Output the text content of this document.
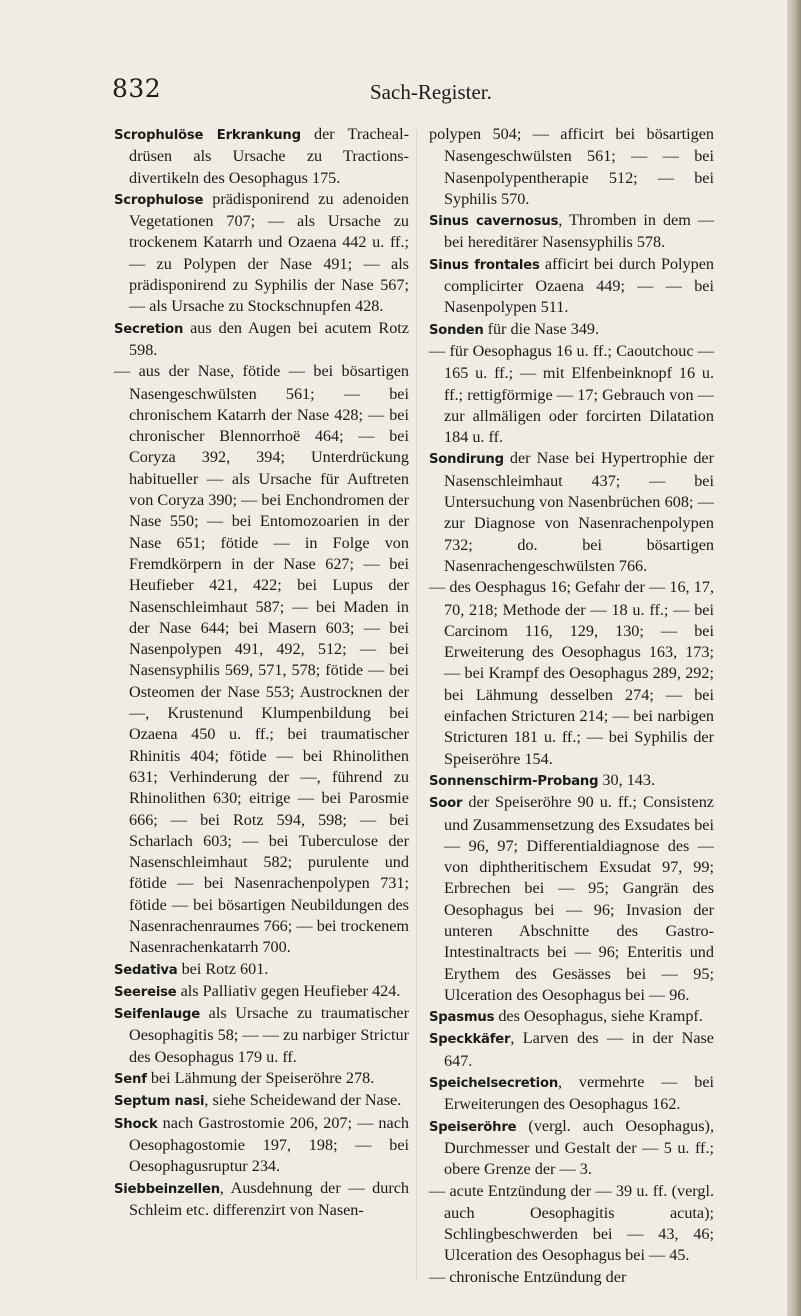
832	Sach-Register.

Scrophulöse Erkrankung der Tracheal-drüsen als Ursache zu Tractions-divertikeln des Oesophagus 175.

Scrophulose prädisponirend zu adenoiden Vegetationen 707; — als Ursache zu trockenem Katarrh und Ozaena 442 u. ff.; — zu Polypen der Nase 491; — als prädisponirend zu Syphilis der Nase 567; — als Ursache zu Stockschnupfen 428.

Secretion aus den Augen bei acutem Rotz 598.

— aus der Nase, fötide — bei bösartigen Nasengeschwülsten 561; — bei chronischem Katarrh der Nase 428; — bei chronischer Blennorrhoë 464; — bei Coryza 392, 394; Unterdrückung habitueller — als Ursache für Auftreten von Coryza 390; — bei Enchondromen der Nase 550; — bei Entomozoarien in der Nase 651; fötide — in Folge von Fremdkörpern in der Nase 627; — bei Heufieber 421, 422; bei Lupus der Nasenschleimhaut 587; — bei Maden in der Nase 644; bei Masern 603; — bei Nasenpolypen 491, 492, 512; — bei Nasensyphilis 569, 571, 578; fötide — bei Osteomen der Nase 553; Austrocknen der —, Krustenund Klumpenbildung bei Ozaena 450 u. ff.; bei traumatischer Rhinitis 404; fötide — bei Rhinolithen 631; Verhinderung der —, führend zu Rhinolithen 630; eitrige — bei Parosmie 666; — bei Rotz 594, 598; — bei Scharlach 603; — bei Tuberculose der Nasenschleimhaut 582; purulente und fötide — bei Nasenrachenpolypen 731; fötide — bei bösartigen Neubildungen des Nasenrachenraumes 766; — bei trockenem Nasenrachenkatarrh 700.

Sedativa bei Rotz 601.

Seereise als Palliativ gegen Heufieber 424.

Seifenlauge als Ursache zu traumatischer Oesophagitis 58; — — zu narbiger Strictur des Oesophagus 179 u. ff.

Senf bei Lähmung der Speiseröhre 278.

Septum nasi, siehe Scheidewand der Nase.

Shock nach Gastrostomie 206, 207; — nach Oesophagostomie 197, 198; — bei Oesophagusruptur 234.

Siebbeinzellen, Ausdehnung der — durch Schleim etc. differenzirt von Nasen-

polypen 504; — afficirt bei bösartigen Nasengeschwülsten 561; — — bei Nasenpolypentherapie 512; — bei Syphilis 570.

Sinus cavernosus, Thromben in dem — bei hereditärer Nasensyphilis 578.

Sinus frontales afficirt bei durch Polypen complicirter Ozaena 449; — — bei Nasenpolypen 511.

Sonden für die Nase 349.

— für Oesophagus 16 u. ff.; Caoutchouc — 165 u. ff.; — mit Elfenbeinknopf 16 u. ff.; rettigförmige — 17; Gebrauch von — zur allmäligen oder forcirten Dilatation 184 u. ff.

Sondirung der Nase bei Hypertrophie der Nasenschleimhaut 437; — bei Untersuchung von Nasenbrüchen 608; — zur Diagnose von Nasenrachenpolypen 732; do. bei bösartigen Nasenrachengeschwülsten 766.

— des Oesphagus 16; Gefahr der — 16, 17, 70, 218; Methode der — 18 u. ff.; — bei Carcinom 116, 129, 130; — bei Erweiterung des Oesophagus 163, 173; — bei Krampf des Oesophagus 289, 292; bei Lähmung desselben 274; — bei einfachen Stricturen 214; — bei narbigen Stricturen 181 u. ff.; — bei Syphilis der Speiseröhre 154.

Sonnenschirm-Probang 30, 143.

Soor der Speiseröhre 90 u. ff.; Consistenz und Zusammensetzung des Exsudates bei — 96, 97; Differentialdiagnose des — von diphtheritischem Exsudat 97, 99; Erbrechen bei — 95; Gangrän des Oesophagus bei — 96; Invasion der unteren Abschnitte des Gastro-Intestinaltracts bei — 96; Enteritis und Erythem des Gesässes bei — 95; Ulceration des Oesophagus bei — 96.

Spasmus des Oesophagus, siehe Krampf.

Speckkäfer, Larven des — in der Nase 647.

Speichelsecretion, vermehrte — bei Erweiterungen des Oesophagus 162.

Speiseröhre (vergl. auch Oesophagus), Durchmesser und Gestalt der — 5 u. ff.; obere Grenze der — 3.

— acute Entzündung der — 39 u. ff. (vergl. auch Oesophagitis acuta); Schlingbeschwerden bei — 43, 46; Ulceration des Oesophagus bei — 45.

— chronische Entzündung der
